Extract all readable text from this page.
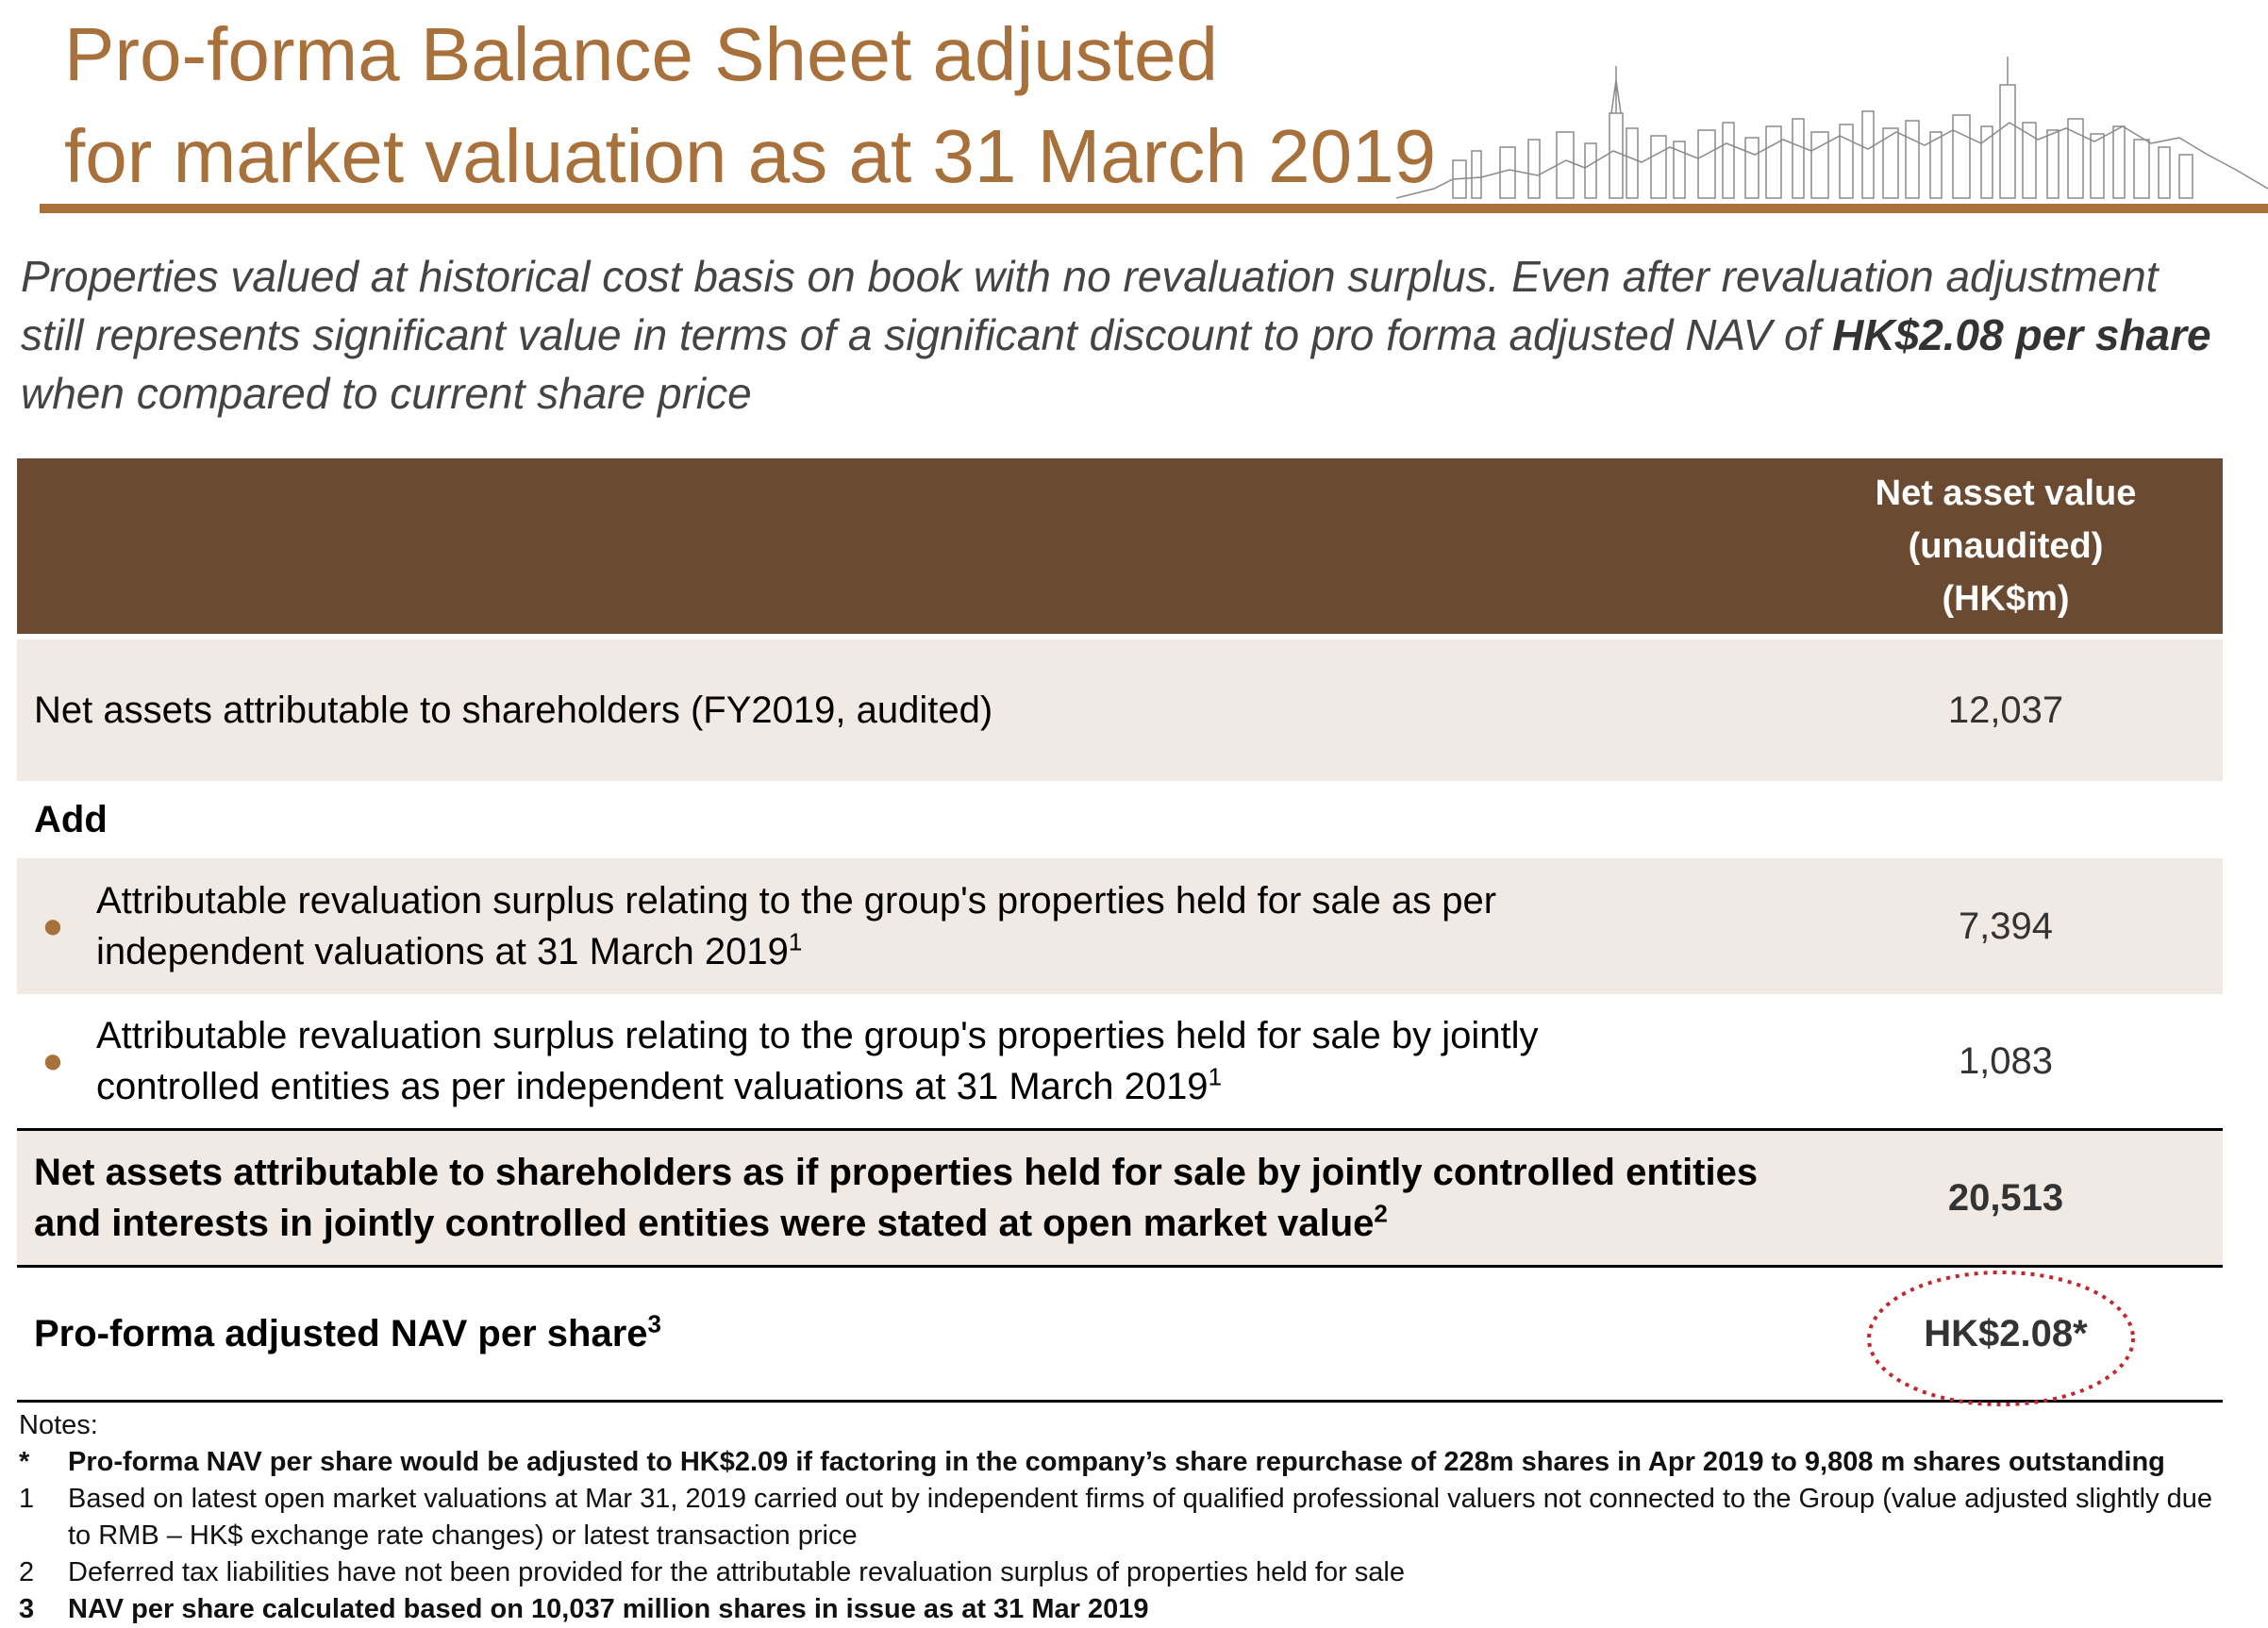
Pro-forma Balance Sheet adjusted
for market valuation as at 31 March 2019
Properties valued at historical cost basis on book with no revaluation surplus. Even after revaluation adjustment still represents significant value in terms of a significant discount to pro forma adjusted NAV of HK$2.08 per share when compared to current share price
Net asset value
(unaudited)
(HK$m)
Net assets attributable to shareholders (FY2019, audited)	12,037
Add
●
Attributable revaluation surplus relating to the group's properties held for sale as per
independent valuations at 31 March 2019$^1$	7,394
●
Attributable revaluation surplus relating to the group's properties held for sale by jointly
controlled entities as per independent valuations at 31 March 2019$^1$	1,083
Net assets attributable to shareholders as if properties held for sale by jointly controlled entities
and interests in jointly controlled entities were stated at open market value$^2$	20,513
Pro-forma adjusted NAV per share$^3$	HK$2.08*
Notes:
*	Pro-forma NAV per share would be adjusted to HK$2.09 if factoring in the company’s share repurchase of 228m shares in Apr 2019 to 9,808 m shares outstanding
1	Based on latest open market valuations at Mar 31, 2019 carried out by independent firms of qualified professional valuers not connected to the Group (value adjusted slightly due to RMB – HK$ exchange rate changes) or latest transaction price
2	Deferred tax liabilities have not been provided for the attributable revaluation surplus of properties held for sale
3	NAV per share calculated based on 10,037 million shares in issue as at 31 Mar 2019
